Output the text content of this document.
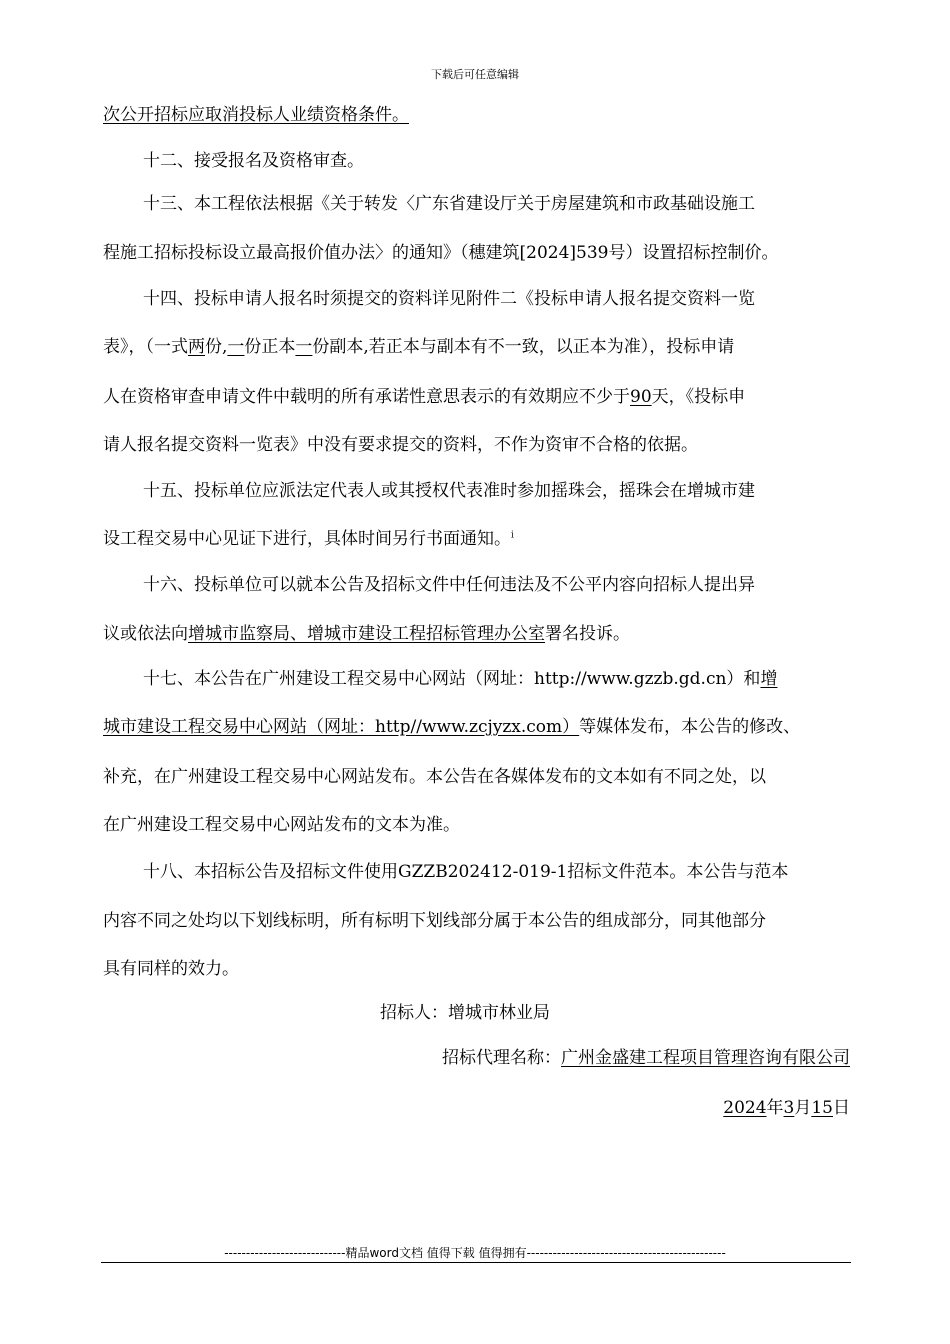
下载后可任意编辑
次公开招标应取消投标人业绩资格条件。
十二、接受报名及资格审查。
十三、本工程依法根据《关于转发〈广东省建设厅关于房屋建筑和市政基础设施工
程施工招标投标设立最高报价值办法〉的通知》（穗建筑[2024]539号）设置招标控制价。
十四、投标申请人报名时须提交的资料详见附件二《投标申请人报名提交资料一览
表》，（一式两份,一份正本一份副本,若正本与副本有不一致，以正本为准），投标申请
人在资格审查申请文件中载明的所有承诺性意思表示的有效期应不少于90天，《投标申
请人报名提交资料一览表》中没有要求提交的资料，不作为资审不合格的依据。
十五、投标单位应派法定代表人或其授权代表准时参加摇珠会，摇珠会在增城市建
设工程交易中心见证下进行，具体时间另行书面通知。$^i$
十六、投标单位可以就本公告及招标文件中任何违法及不公平内容向招标人提出异
议或依法向增城市监察局、增城市建设工程招标管理办公室署名投诉。
十七、本公告在广州建设工程交易中心网站（网址：http://www.gzzb.gd.cn）和增
城市建设工程交易中心网站（网址：http//www.zcjyzx.com）等媒体发布，本公告的修改、
补充，在广州建设工程交易中心网站发布。本公告在各媒体发布的文本如有不同之处，以
在广州建设工程交易中心网站发布的文本为准。
十八、本招标公告及招标文件使用GZZB202412-019-1招标文件范本。本公告与范本
内容不同之处均以下划线标明，所有标明下划线部分属于本公告的组成部分，同其他部分
具有同样的效力。
招标人：增城市林业局
招标代理名称：广州金盛建工程项目管理咨询有限公司
2024年3月15日
----------------------------精品word文档 值得下载 值得拥有----------------------------------------------
